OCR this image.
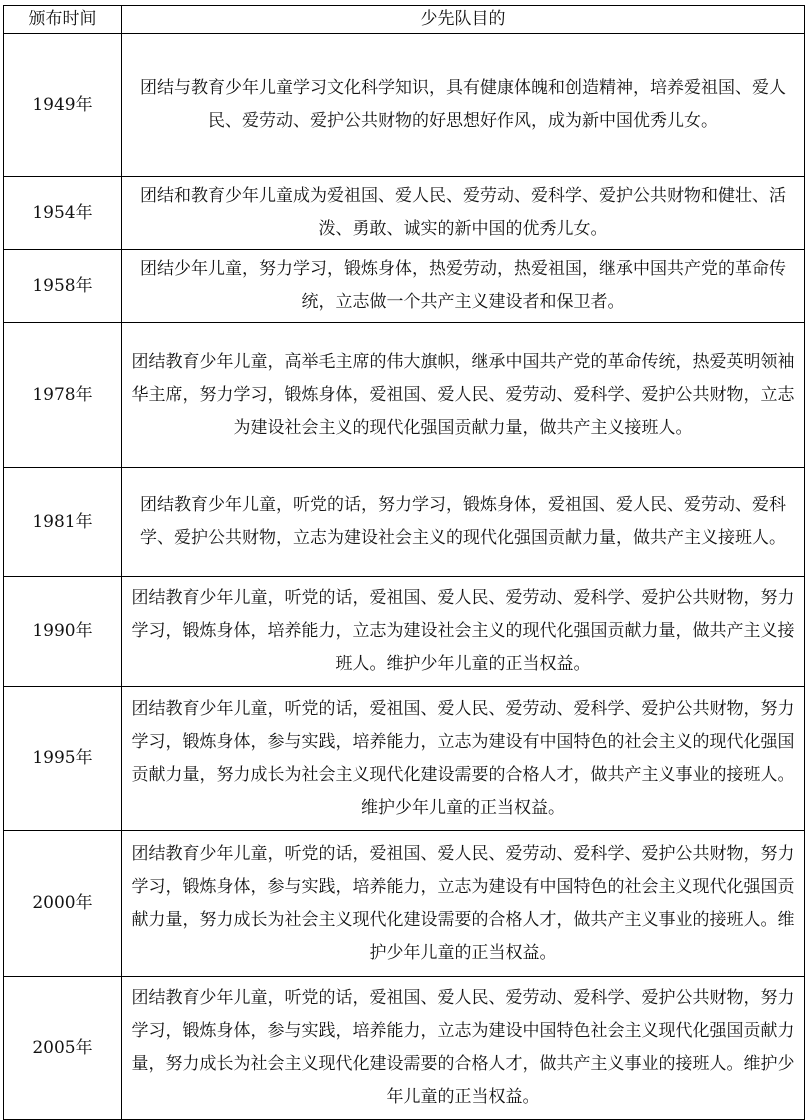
颁布时间	少先队目的
1949年	团结与教育少年儿童学习文化科学知识，具有健康体魄和创造精神，培养爱祖国、爱人民、爱劳动、爱护公共财物的好思想好作风，成为新中国优秀儿女。
1954年	团结和教育少年儿童成为爱祖国、爱人民、爱劳动、爱科学、爱护公共财物和健壮、活泼、勇敢、诚实的新中国的优秀儿女。
1958年	团结少年儿童，努力学习，锻炼身体，热爱劳动，热爱祖国，继承中国共产党的革命传统，立志做一个共产主义建设者和保卫者。
1978年	团结教育少年儿童，高举毛主席的伟大旗帜，继承中国共产党的革命传统，热爱英明领袖华主席，努力学习，锻炼身体，爱祖国、爱人民、爱劳动、爱科学、爱护公共财物，立志为建设社会主义的现代化强国贡献力量，做共产主义接班人。
1981年	团结教育少年儿童，听党的话，努力学习，锻炼身体，爱祖国、爱人民、爱劳动、爱科学、爱护公共财物，立志为建设社会主义的现代化强国贡献力量，做共产主义接班人。
1990年	团结教育少年儿童，听党的话，爱祖国、爱人民、爱劳动、爱科学、爱护公共财物，努力学习，锻炼身体，培养能力，立志为建设社会主义的现代化强国贡献力量，做共产主义接班人。维护少年儿童的正当权益。
1995年	团结教育少年儿童，听党的话，爱祖国、爱人民、爱劳动、爱科学、爱护公共财物，努力学习，锻炼身体，参与实践，培养能力，立志为建设有中国特色的社会主义的现代化强国贡献力量，努力成长为社会主义现代化建设需要的合格人才，做共产主义事业的接班人。维护少年儿童的正当权益。
2000年	团结教育少年儿童，听党的话，爱祖国、爱人民、爱劳动、爱科学、爱护公共财物，努力学习，锻炼身体，参与实践，培养能力，立志为建设有中国特色的社会主义现代化强国贡献力量，努力成长为社会主义现代化建设需要的合格人才，做共产主义事业的接班人。维护少年儿童的正当权益。
2005年	团结教育少年儿童，听党的话，爱祖国、爱人民、爱劳动、爱科学、爱护公共财物，努力学习，锻炼身体，参与实践，培养能力，立志为建设中国特色社会主义现代化强国贡献力量，努力成长为社会主义现代化建设需要的合格人才，做共产主义事业的接班人。维护少年儿童的正当权益。
